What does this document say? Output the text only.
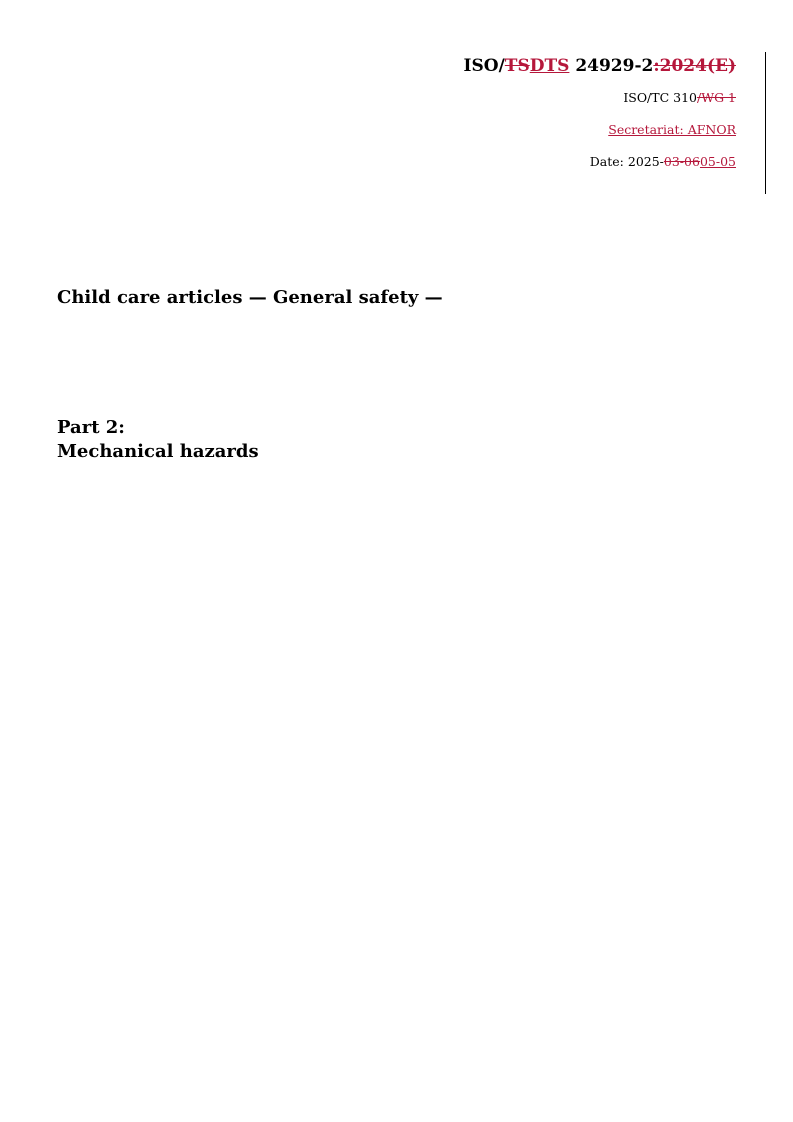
ISO/TSDTS 24929-2:2024(E)
ISO/TC 310/WG 1
Secretariat: AFNOR
Date: 2025-03-0605-05
Child care articles — General safety —
Part 2:
Mechanical hazards
